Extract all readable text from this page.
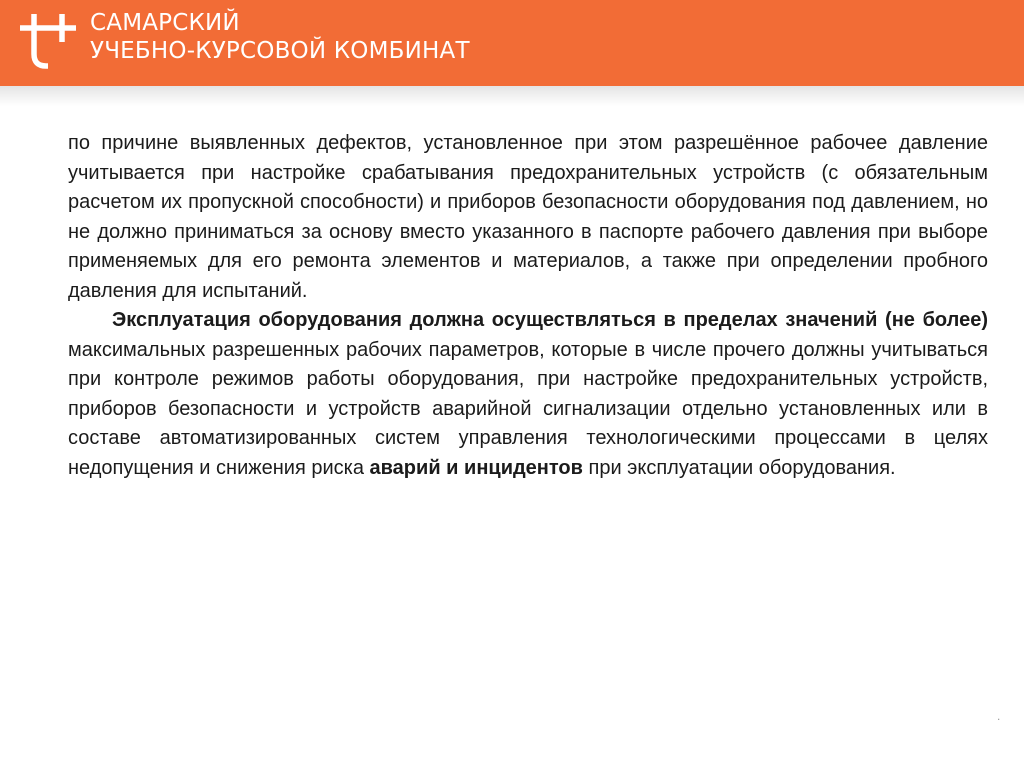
САМАРСКИЙ
УЧЕБНО-КУРСОВОЙ КОМБИНАТ

по причине выявленных дефектов, установленное при этом разрешённое рабочее давление учитывается при настройке срабатывания предохранительных устройств (с обязательным расчетом их пропускной способности) и приборов безопасности оборудования под давлением, но не должно приниматься за основу вместо указанного в паспорте рабочего давления при выборе применяемых для его ремонта элементов и материалов, а также при определении пробного давления для испытаний.

Эксплуатация оборудования должна осуществляться в пределах значений (не более) максимальных разрешенных рабочих параметров, которые в числе прочего должны учитываться при контроле режимов работы оборудования, при настройке предохранительных устройств, приборов безопасности и устройств аварийной сигнализации отдельно установленных или в составе автоматизированных систем управления технологическими процессами в целях недопущения и снижения риска аварий и инцидентов при эксплуатации оборудования.

.
